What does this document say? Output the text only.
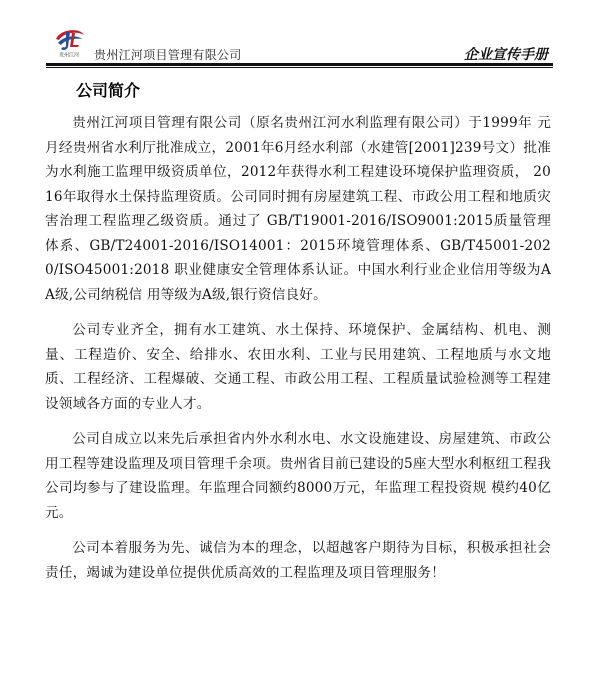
贵州江河 贵州江河项目管理有限公司	企业宣传手册
公司简介

贵州江河项目管理有限公司（原名贵州江河水利监理有限公司）于1999年 元月经贵州省水利厅批准成立，2001年6月经水利部（水建管[2001]239号文）批准为水利施工监理甲级资质单位，2012年获得水利工程建设环境保护监理资质， 2016年取得水土保持监理资质。公司同时拥有房屋建筑工程、市政公用工程和地质灾害治理工程监理乙级资质。通过了 GB/T19001-2016/ISO9001:2015质量管理体系、GB/T24001-2016/ISO14001：2015环境管理体系、GB/T45001-2020/ISO45001:2018 职业健康安全管理体系认证。中国水利行业企业信用等级为AA级,公司纳税信 用等级为A级,银行资信良好。

公司专业齐全，拥有水工建筑、水土保持、环境保护、金属结构、机电、测量、工程造价、安全、给排水、农田水利、工业与民用建筑、工程地质与水文地质、工程经济、工程爆破、交通工程、市政公用工程、工程质量试验检测等工程建设领域各方面的专业人才。

公司自成立以来先后承担省内外水利水电、水文设施建设、房屋建筑、市政公用工程等建设监理及项目管理千余项。贵州省目前已建设的5座大型水利枢纽工程我公司均参与了建设监理。年监理合同额约8000万元，年监理工程投资规 模约40亿元。

公司本着服务为先、诚信为本的理念，以超越客户期待为目标，积极承担社会责任，竭诚为建设单位提供优质高效的工程监理及项目管理服务！
